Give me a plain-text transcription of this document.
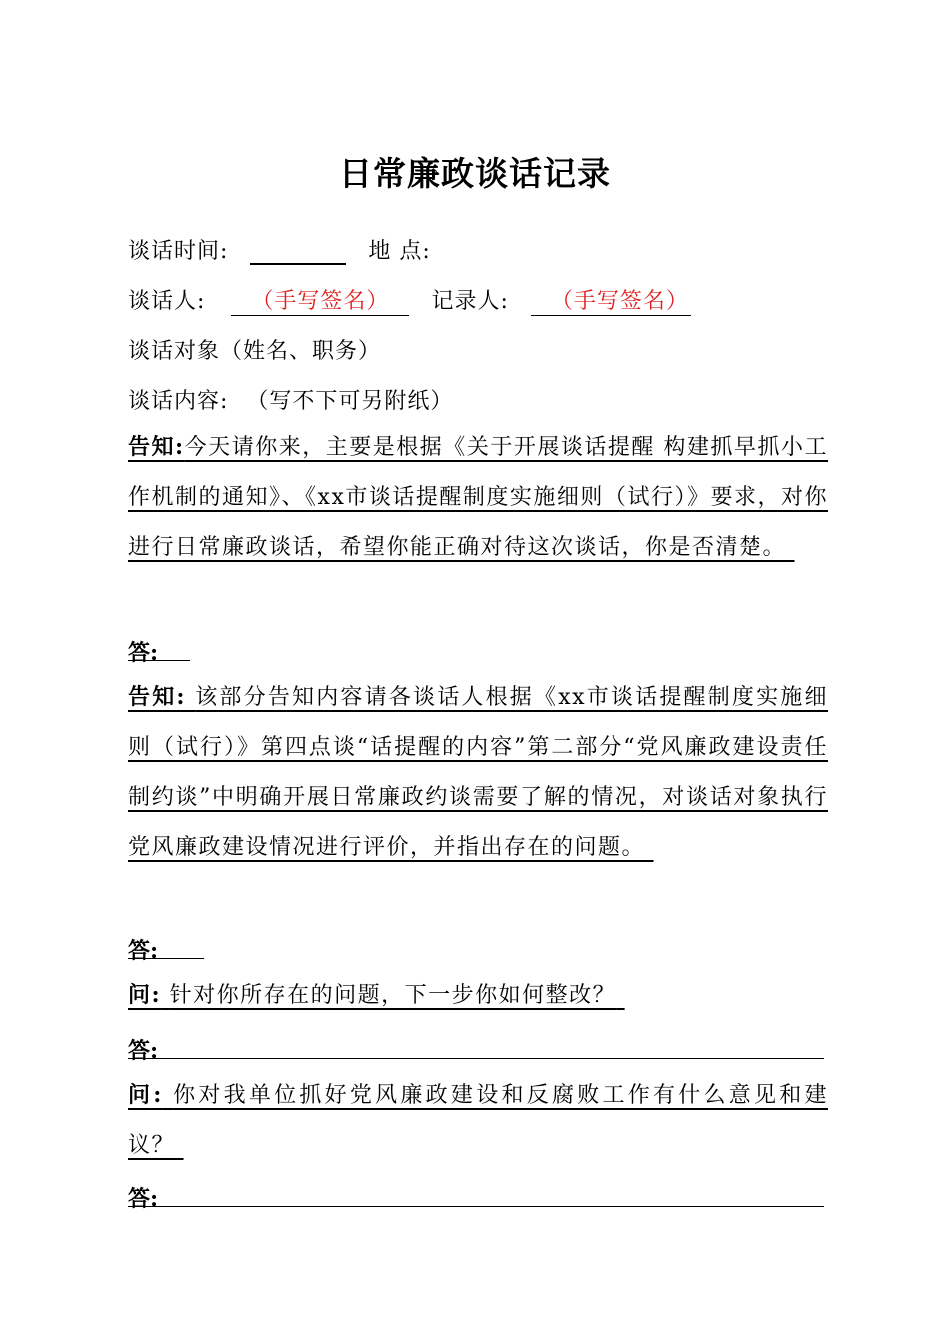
日常廉政谈话记录
谈话时间:	地 点:
谈话人: （手写签名） 记录人: （手写签名）
谈话对象（姓名、职务）
谈话内容: （写不下可另附纸）
告知:今天请你来，主要是根据《关于开展谈话提醒 构建抓早抓小工作机制的通知》、《xx市谈话提醒制度实施细则（试行）》要求，对你进行日常廉政谈话，希望你能正确对待这次谈话，你是否清楚。
答:
告知: 该部分告知内容请各谈话人根据《xx市谈话提醒制度实施细则（试行）》第四点谈“话提醒的内容”第二部分“党风廉政建设责任制约谈”中明确开展日常廉政约谈需要了解的情况，对谈话对象执行党风廉政建设情况进行评价，并指出存在的问题。
答:
问: 针对你所存在的问题，下一步你如何整改？
答:
问: 你对我单位抓好党风廉政建设和反腐败工作有什么意见和建议？
答:
